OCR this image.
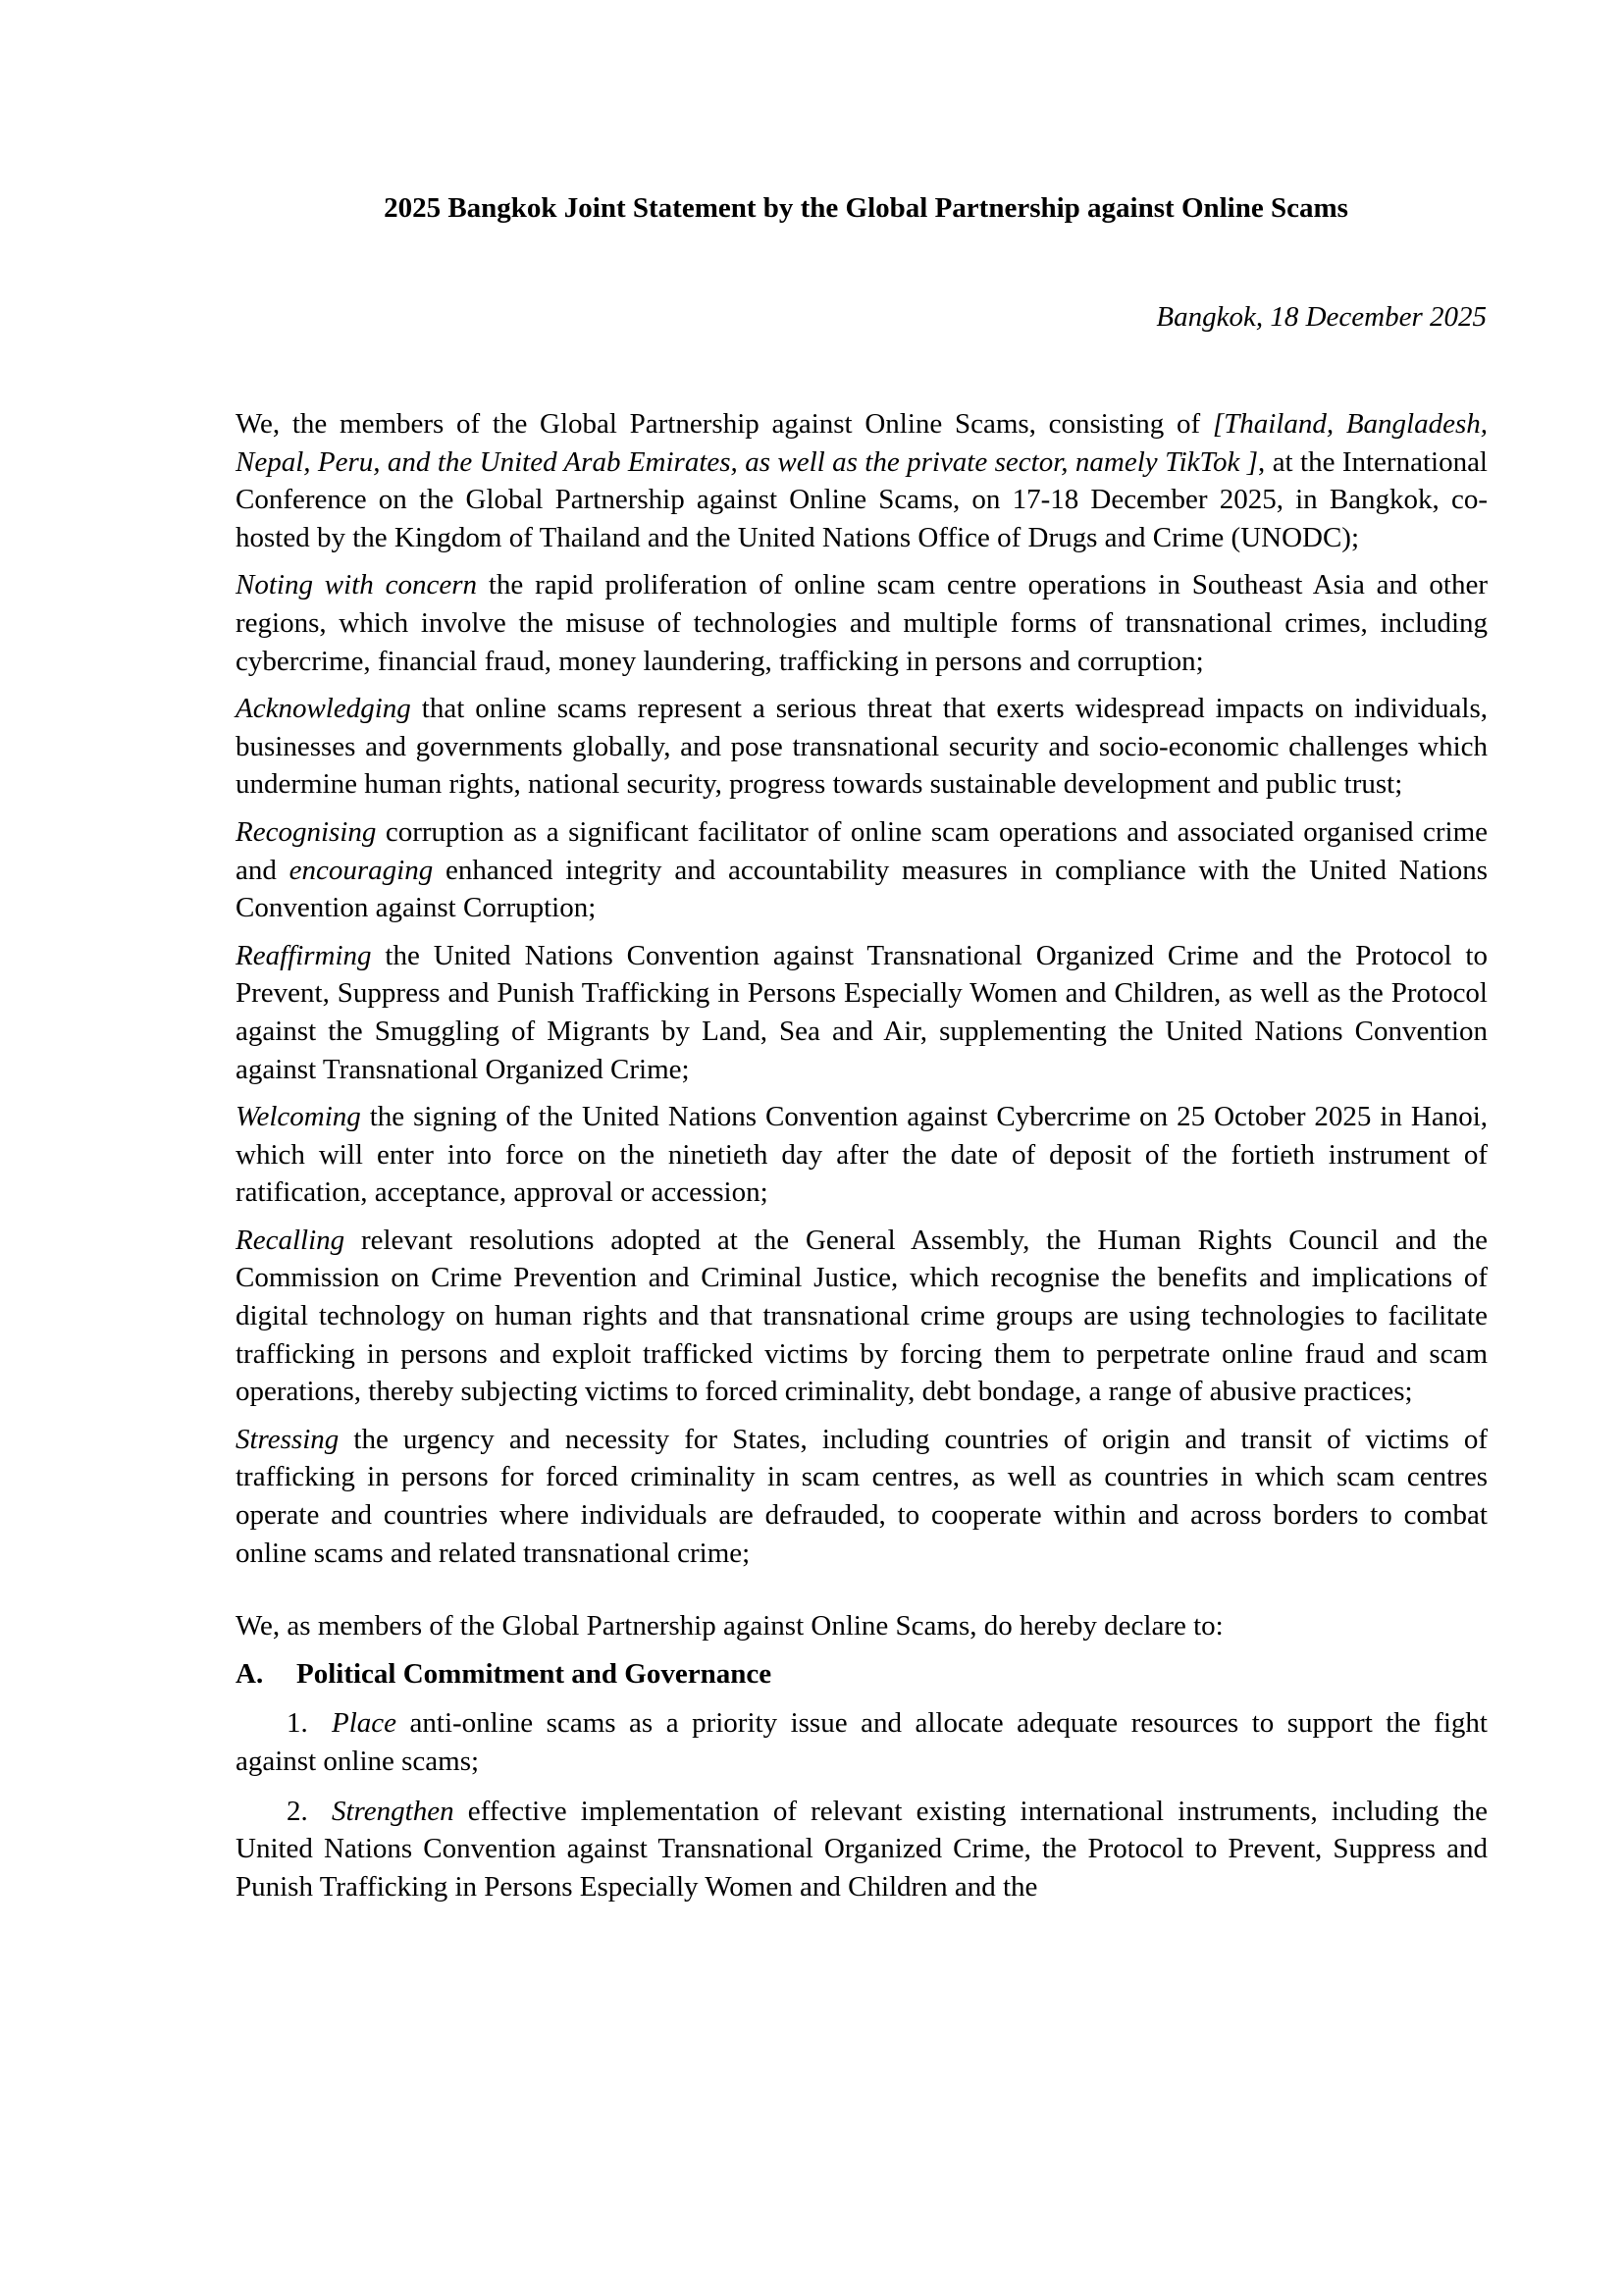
2025 Bangkok Joint Statement by the Global Partnership against Online Scams
Bangkok, 18 December 2025

We, the members of the Global Partnership against Online Scams, consisting of [Thailand, Bangladesh, Nepal, Peru, and the United Arab Emirates, as well as the private sector, namely TikTok ], at the International Conference on the Global Partnership against Online Scams, on 17-18 December 2025, in Bangkok, co-hosted by the Kingdom of Thailand and the United Nations Office of Drugs and Crime (UNODC);

Noting with concern the rapid proliferation of online scam centre operations in Southeast Asia and other regions, which involve the misuse of technologies and multiple forms of transnational crimes, including cybercrime, financial fraud, money laundering, trafficking in persons and corruption;

Acknowledging that online scams represent a serious threat that exerts widespread impacts on individuals, businesses and governments globally, and pose transnational security and socio-economic challenges which undermine human rights, national security, progress towards sustainable development and public trust;

Recognising corruption as a significant facilitator of online scam operations and associated organised crime and encouraging enhanced integrity and accountability measures in compliance with the United Nations Convention against Corruption;

Reaffirming the United Nations Convention against Transnational Organized Crime and the Protocol to Prevent, Suppress and Punish Trafficking in Persons Especially Women and Children, as well as the Protocol against the Smuggling of Migrants by Land, Sea and Air, supplementing the United Nations Convention against Transnational Organized Crime;

Welcoming the signing of the United Nations Convention against Cybercrime on 25 October 2025 in Hanoi, which will enter into force on the ninetieth day after the date of deposit of the fortieth instrument of ratification, acceptance, approval or accession;

Recalling relevant resolutions adopted at the General Assembly, the Human Rights Council and the Commission on Crime Prevention and Criminal Justice, which recognise the benefits and implications of digital technology on human rights and that transnational crime groups are using technologies to facilitate trafficking in persons and exploit trafficked victims by forcing them to perpetrate online fraud and scam operations, thereby subjecting victims to forced criminality, debt bondage, a range of abusive practices;

Stressing the urgency and necessity for States, including countries of origin and transit of victims of trafficking in persons for forced criminality in scam centres, as well as countries in which scam centres operate and countries where individuals are defrauded, to cooperate within and across borders to combat online scams and related transnational crime;

We, as members of the Global Partnership against Online Scams, do hereby declare to:

A. Political Commitment and Governance

1. Place anti-online scams as a priority issue and allocate adequate resources to support the fight against online scams;

2. Strengthen effective implementation of relevant existing international instruments, including the United Nations Convention against Transnational Organized Crime, the Protocol to Prevent, Suppress and Punish Trafficking in Persons Especially Women and Children and the
